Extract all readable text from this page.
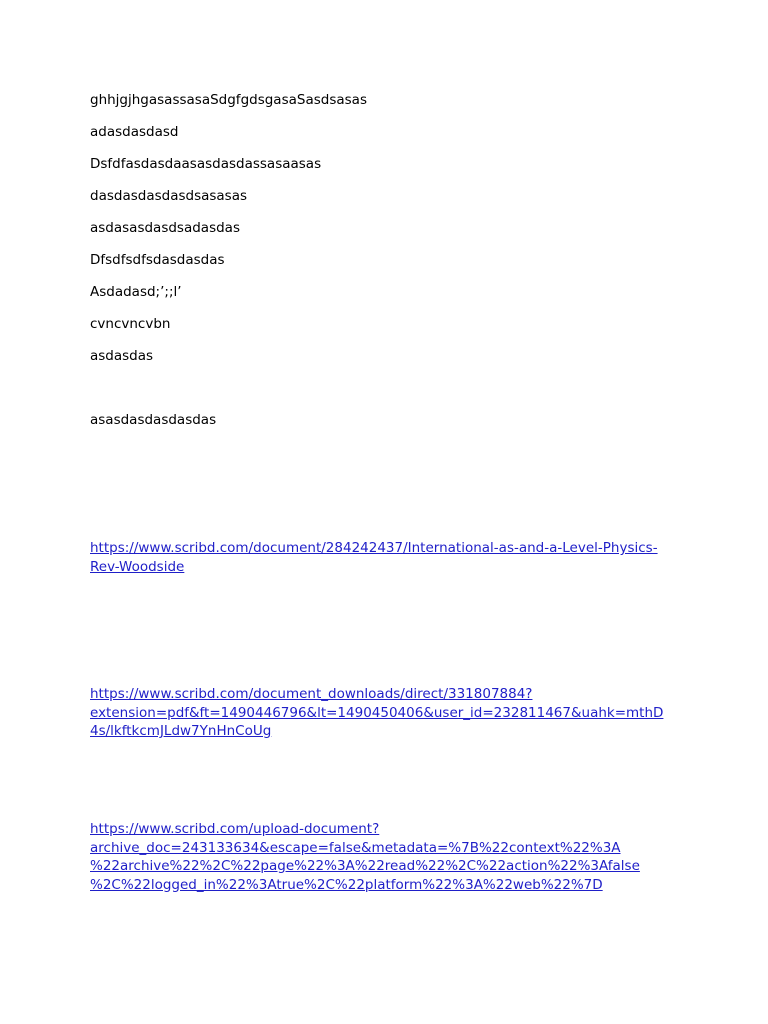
ghhjgjhgasassasaSdgfgdsgasaSasdsasas

adasdasdasd

Dsfdfasdasdaasasdasdassasaasas

dasdasdasdasdsasasas

asdasasdasdsadasdas

Dfsdfsdfsdasdasdas

Asdadasd;’;;l’

cvncvncvbn

asdasdas

asasdasdasdasdas

https://www.scribd.com/document/284242437/International-as-and-a-Level-Physics-
Rev-Woodside
https://www.scribd.com/document_downloads/direct/331807884?
extension=pdf&ft=1490446796&lt=1490450406&user_id=232811467&uahk=mthD
4s/lkftkcmJLdw7YnHnCoUg
https://www.scribd.com/upload-document?
archive_doc=243133634&escape=false&metadata=%7B%22context%22%3A
%22archive%22%2C%22page%22%3A%22read%22%2C%22action%22%3Afalse
%2C%22logged_in%22%3Atrue%2C%22platform%22%3A%22web%22%7D
